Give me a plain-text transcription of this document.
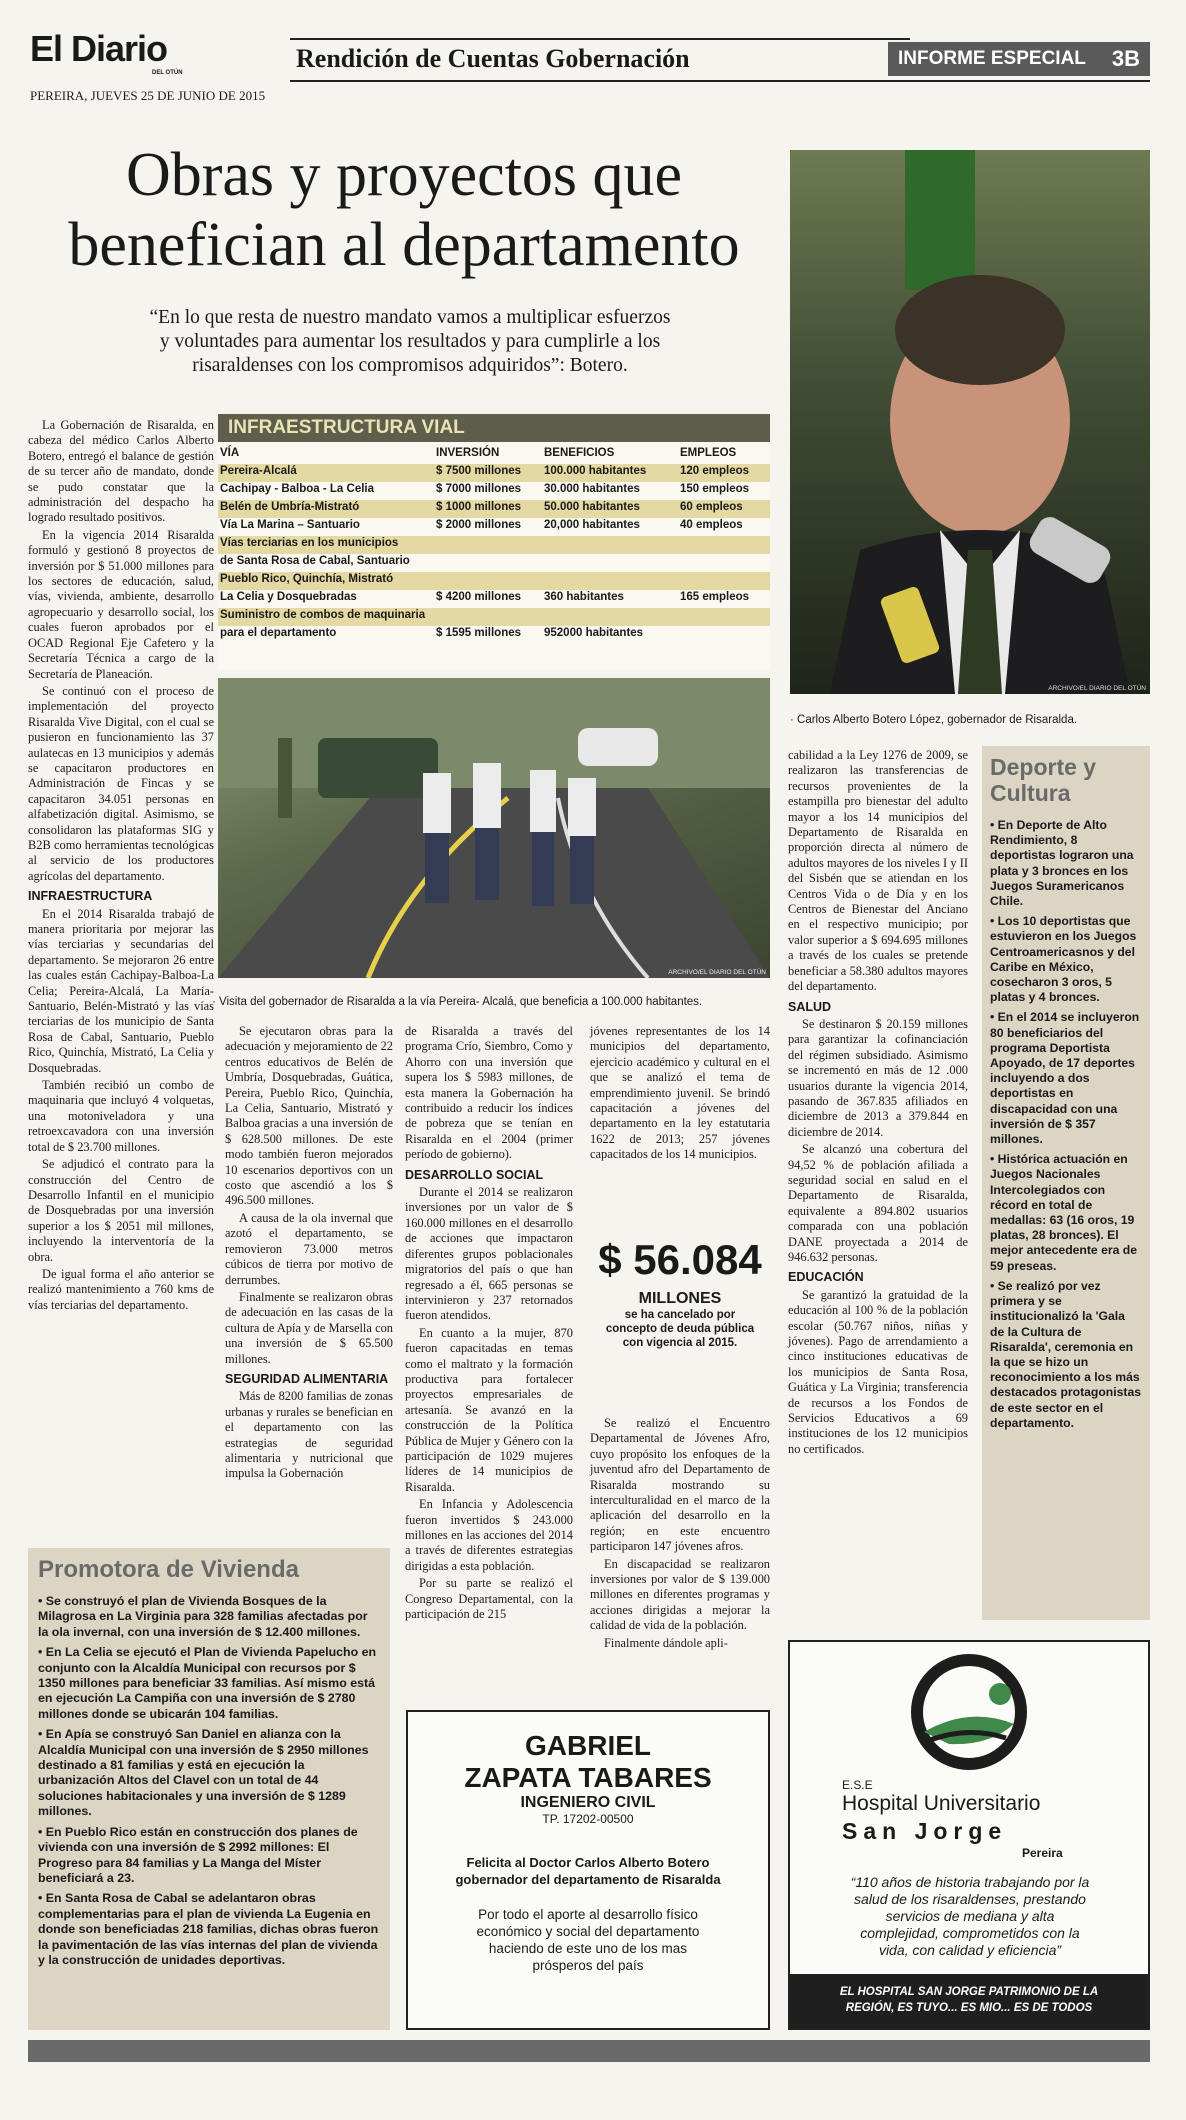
El Diario
DEL OTÚN	Rendición de Cuentas Gobernación	INFORME ESPECIAL 3B
PEREIRA, JUEVES 25 DE JUNIO DE 2015
Obras y proyectos que
benefician al departamento
“En lo que resta de nuestro mandato vamos a multiplicar esfuerzos
y voluntades para aumentar los resultados y para cumplirle a los
risaraldenses con los compromisos adquiridos”: Botero.
ARCHIVO/EL DIARIO DEL OTÚN
· Carlos Alberto Botero López, gobernador de Risaralda.

La Gobernación de Risaralda, en cabeza del médico Carlos Alberto Botero, entregó el balance de gestión de su tercer año de mandato, donde se pudo constatar que la administración del despacho ha logrado resultado positivos.

En la vigencia 2014 Risaralda formuló y gestionó 8 proyectos de inversión por $ 51.000 millones para los sectores de educación, salud, vías, vivienda, ambiente, desarrollo agropecuario y desarrollo social, los cuales fueron aprobados por el OCAD Regional Eje Cafetero y la Secretaría Técnica a cargo de la Secretaría de Planeación.

Se continuó con el proceso de implementación del proyecto Risaralda Vive Digital, con el cual se pusieron en funcionamiento las 37 aulatecas en 13 municipios y además se capacitaron productores en Administración de Fincas y se capacitaron 34.051 personas en alfabetización digital. Asimismo, se consolidaron las plataformas SIG y B2B como herramientas tecnológicas al servicio de los productores agrícolas del departamento.

INFRAESTRUCTURA

En el 2014 Risaralda trabajó de manera prioritaria por mejorar las vías terciarias y secundarias del departamento. Se mejoraron 26 entre las cuales están Cachipay-Balboa-La Celia; Pereira-Alcalá, La María-Santuario, Belén-Mistrató y las vías terciarias de los municipio de Santa Rosa de Cabal, Santuario, Pueblo Rico, Quinchía, Mistrató, La Celia y Dosquebradas.

También recibió un combo de maquinaria que incluyó 4 volquetas, una motoniveladora y una retroexcavadora con una inversión total de $ 23.700 millones.

Se adjudicó el contrato para la construcción del Centro de Desarrollo Infantil en el municipio de Dosquebradas por una inversión superior a los $ 2051 mil millones, incluyendo la interventoría de la obra.

De igual forma el año anterior se realizó mantenimiento a 760 kms de vías terciarias del departamento.

INFRAESTRUCTURA VIAL
VÍA	INVERSIÓN	BENEFICIOS	EMPLEOS
Pereira-Alcalá	$ 7500 millones	100.000 habitantes	120 empleos
Cachipay - Balboa - La Celia	$ 7000 millones	30.000 habitantes	150 empleos
Belén de Umbría-Mistrató	$ 1000 millones	50.000 habitantes	60 empleos
Vía La Marina – Santuario	$ 2000 millones	20,000 habitantes	40 empleos
Vías terciarias en los municipios			
de Santa Rosa de Cabal, Santuario			
Pueblo Rico, Quinchía, Mistrató			
La Celia y Dosquebradas	$ 4200 millones	360 habitantes	165 empleos
Suministro de combos de maquinaria			
para el departamento	$ 1595 millones	952000 habitantes	
ARCHIVO/EL DIARIO DEL OTÚN
· Visita del gobernador de Risaralda a la vía Pereira- Alcalá, que beneficia a 100.000 habitantes.

Se ejecutaron obras para la adecuación y mejoramiento de 22 centros educativos de Belén de Umbría, Dosquebradas, Guática, Pereira, Pueblo Rico, Quinchía, La Celia, Santuario, Mistrató y Balboa gracias a una inversión de $ 628.500 millones. De este modo también fueron mejorados 10 escenarios deportivos con un costo que ascendió a los $ 496.500 millones.

A causa de la ola invernal que azotó el departamento, se removieron 73.000 metros cúbicos de tierra por motivo de derrumbes.

Finalmente se realizaron obras de adecuación en las casas de la cultura de Apía y de Marsella con una inversión de $ 65.500 millones.

SEGURIDAD ALIMENTARIA

Más de 8200 familias de zonas urbanas y rurales se benefician en el departamento con las estrategias de seguridad alimentaria y nutricional que impulsa la Gobernación

de Risaralda a través del programa Crío, Siembro, Como y Ahorro con una inversión que supera los $ 5983 millones, de esta manera la Gobernación ha contribuido a reducir los índices de pobreza que se tenían en Risaralda en el 2004 (primer período de gobierno).

DESARROLLO SOCIAL

Durante el 2014 se realizaron inversiones por un valor de $ 160.000 millones en el desarrollo de acciones que impactaron diferentes grupos poblacionales migratorios del país o que han regresado a él, 665 personas se intervinieron y 237 retornados fueron atendidos.

En cuanto a la mujer, 870 fueron capacitadas en temas como el maltrato y la formación productiva para fortalecer proyectos empresariales de artesanía. Se avanzó en la construcción de la Política Pública de Mujer y Género con la participación de 1029 mujeres líderes de 14 municipios de Risaralda.

En Infancia y Adolescencia fueron invertidos $ 243.000 millones en las acciones del 2014 a través de diferentes estrategias dirigidas a esta población.

Por su parte se realizó el Congreso Departamental, con la participación de 215

jóvenes representantes de los 14 municipios del departamento, ejercicio académico y cultural en el que se analizó el tema de emprendimiento juvenil. Se brindó capacitación a jóvenes del departamento en la ley estatutaria 1622 de 2013; 257 jóvenes capacitados de los 14 municipios.

$ 56.084
MILLONES
se ha cancelado por
concepto de deuda pública
con vigencia al 2015.

Se realizó el Encuentro Departamental de Jóvenes Afro, cuyo propósito los enfoques de la juventud afro del Departamento de Risaralda mostrando su interculturalidad en el marco de la aplicación del desarrollo en la región; en este encuentro participaron 147 jóvenes afros.

En discapacidad se realizaron inversiones por valor de $ 139.000 millones en diferentes programas y acciones dirigidas a mejorar la calidad de vida de la población.

Finalmente dándole apli-

cabilidad a la Ley 1276 de 2009, se realizaron las transferencias de recursos provenientes de la estampilla pro bienestar del adulto mayor a los 14 municipios del Departamento de Risaralda en proporción directa al número de adultos mayores de los niveles I y II del Sisbén que se atiendan en los Centros Vida o de Día y en los Centros de Bienestar del Anciano en el respectivo municipio; por valor superior a $ 694.695 millones a través de los cuales se pretende beneficiar a 58.380 adultos mayores del departamento.

SALUD

Se destinaron $ 20.159 millones para garantizar la cofinanciación del régimen subsidiado. Asimismo se incrementó en más de 12 .000 usuarios durante la vigencia 2014, pasando de 367.835 afiliados en diciembre de 2013 a 379.844 en diciembre de 2014.

Se alcanzó una cobertura del 94,52 % de población afiliada a seguridad social en salud en el Departamento de Risaralda, equivalente a 894.802 usuarios comparada con una población DANE proyectada a 2014 de 946.632 personas.

EDUCACIÓN

Se garantizó la gratuidad de la educación al 100 % de la población escolar (50.767 niños, niñas y jóvenes). Pago de arrendamiento a cinco instituciones educativas de los municipios de Santa Rosa, Guática y La Virginia; transferencia de recursos a los Fondos de Servicios Educativos a 69 instituciones de los 12 municipios no certificados.

Deporte y
Cultura

• En Deporte de Alto Rendimiento, 8 deportistas lograron una plata y 3 bronces en los Juegos Suramericanos Chile.

• Los 10 deportistas que estuvieron en los Juegos Centroamericasnos y del Caribe en México, cosecharon 3 oros, 5 platas y 4 bronces.

• En el 2014 se incluyeron 80 beneficiarios del programa Deportista Apoyado, de 17 deportes incluyendo a dos deportistas en discapacidad con una inversión de $ 357 millones.

• Histórica actuación en Juegos Nacionales Intercolegiados con récord en total de medallas: 63 (16 oros, 19 platas, 28 bronces). El mejor antecedente era de 59 preseas.

• Se realizó por vez primera y se institucionalizó la 'Gala de la Cultura de Risaralda', ceremonia en la que se hizo un reconocimiento a los más destacados protagonistas de este sector en el departamento.

Promotora de Vivienda

• Se construyó el plan de Vivienda Bosques de la Milagrosa en La Virginia para 328 familias afectadas por la ola invernal, con una inversión de $ 12.400 millones.

• En La Celia se ejecutó el Plan de Vivienda Papelucho en conjunto con la Alcaldía Municipal con recursos por $ 1350 millones para beneficiar 33 familias. Así mismo está en ejecución La Campiña con una inversión de $ 2780 millones donde se ubicarán 104 familias.

• En Apía se construyó San Daniel en alianza con la Alcaldía Municipal con una inversión de $ 2950 millones destinado a 81 familias y está en ejecución la urbanización Altos del Clavel con un total de 44 soluciones habitacionales y una inversión de $ 1289 millones.

• En Pueblo Rico están en construcción dos planes de vivienda con una inversión de $ 2992 millones: El Progreso para 84 familias y La Manga del Míster beneficiará a 23.

• En Santa Rosa de Cabal se adelantaron obras complementarias para el plan de vivienda La Eugenia en donde son beneficiadas 218 familias, dichas obras fueron la pavimentación de las vías internas del plan de vivienda y la construcción de unidades deportivas.

GABRIEL
ZAPATA TABARES
INGENIERO CIVIL
TP. 17202-00500
Felicita al Doctor Carlos Alberto Botero
gobernador del departamento de Risaralda
Por todo el aporte al desarrollo físico
económico y social del departamento
haciendo de este uno de los mas
prósperos del país
E.S.E
Hospital Universitario
San Jorge
Pereira
“110 años de historia trabajando por la
salud de los risaraldenses, prestando
servicios de mediana y alta
complejidad, comprometidos con la
vida, con calidad y eficiencia”
EL HOSPITAL SAN JORGE PATRIMONIO DE LA
REGIÓN, ES TUYO... ES MIO... ES DE TODOS
